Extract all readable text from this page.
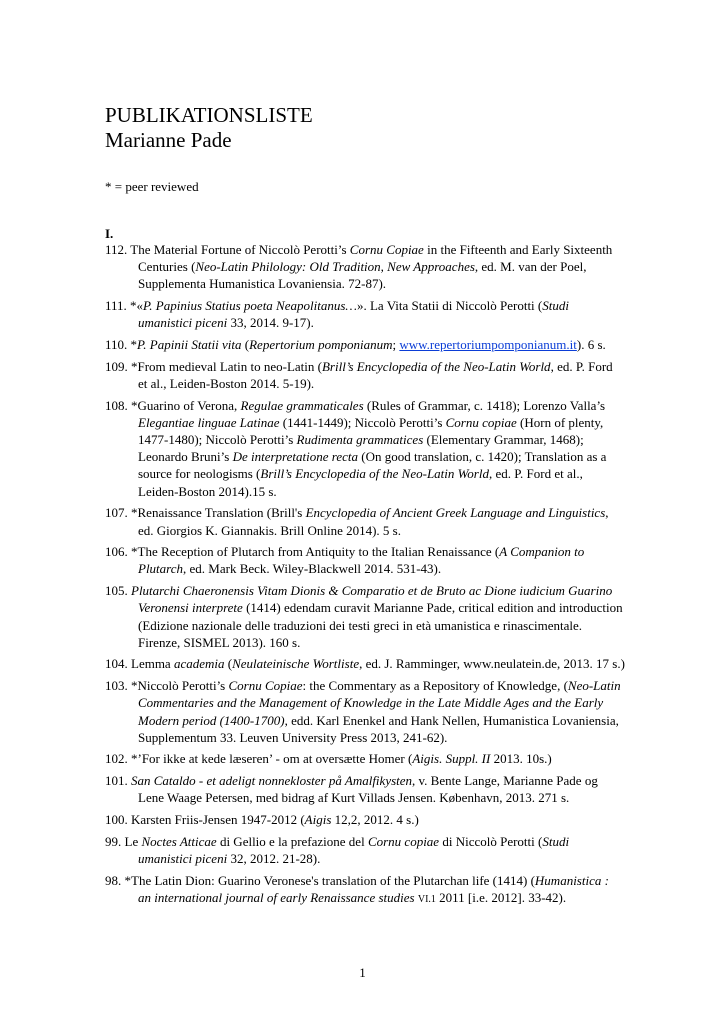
PUBLIKATIONSLISTE
Marianne Pade
* = peer reviewed
I.
112. The Material Fortune of Niccolò Perotti’s Cornu Copiae in the Fifteenth and Early Sixteenth Centuries (Neo-Latin Philology: Old Tradition, New Approaches, ed. M. van der Poel, Supplementa Humanistica Lovaniensia. 72-87).
111. *«P. Papinius Statius poeta Neapolitanus…». La Vita Statii di Niccolò Perotti (Studi umanistici piceni 33, 2014. 9-17).
110. *P. Papinii Statii vita (Repertorium pomponianum; www.repertoriumpomponianum.it). 6 s.
109. *From medieval Latin to neo-Latin (Brill’s Encyclopedia of the Neo-Latin World, ed. P. Ford et al., Leiden-Boston 2014. 5-19).
108. *Guarino of Verona, Regulae grammaticales (Rules of Grammar, c. 1418); Lorenzo Valla’s Elegantiae linguae Latinae (1441-1449); Niccolò Perotti’s Cornu copiae (Horn of plenty, 1477-1480); Niccolò Perotti’s Rudimenta grammatices (Elementary Grammar, 1468); Leonardo Bruni’s De interpretatione recta (On good translation, c. 1420); Translation as a source for neologisms (Brill’s Encyclopedia of the Neo-Latin World, ed. P. Ford et al., Leiden-Boston 2014).15 s.
107. *Renaissance Translation (Brill's Encyclopedia of Ancient Greek Language and Linguistics, ed. Giorgios K. Giannakis. Brill Online 2014). 5 s.
106. *The Reception of Plutarch from Antiquity to the Italian Renaissance (A Companion to Plutarch, ed. Mark Beck. Wiley-Blackwell 2014. 531-43).
105. Plutarchi Chaeronensis Vitam Dionis & Comparatio et de Bruto ac Dione iudicium Guarino Veronensi interprete (1414) edendam curavit Marianne Pade, critical edition and introduction (Edizione nazionale delle traduzioni dei testi greci in età umanistica e rinascimentale. Firenze, SISMEL 2013). 160 s.
104. Lemma academia (Neulateinische Wortliste, ed. J. Ramminger, www.neulatein.de, 2013. 17 s.)
103. *Niccolò Perotti’s Cornu Copiae: the Commentary as a Repository of Knowledge, (Neo-Latin Commentaries and the Management of Knowledge in the Late Middle Ages and the Early Modern period (1400-1700), edd. Karl Enenkel and Hank Nellen, Humanistica Lovaniensia, Supplementum 33. Leuven University Press 2013, 241-62).
102. *’For ikke at kede læseren’ - om at oversætte Homer (Aigis. Suppl. II 2013. 10s.)
101. San Cataldo - et adeligt nonnekloster på Amalfikysten, v. Bente Lange, Marianne Pade og Lene Waage Petersen, med bidrag af Kurt Villads Jensen. København, 2013. 271 s.
100. Karsten Friis-Jensen 1947-2012 (Aigis 12,2, 2012. 4 s.)
99. Le Noctes Atticae di Gellio e la prefazione del Cornu copiae di Niccolò Perotti (Studi umanistici piceni 32, 2012. 21-28).
98. *The Latin Dion: Guarino Veronese's translation of the Plutarchan life (1414) (Humanistica : an international journal of early Renaissance studies VI.1 2011 [i.e. 2012]. 33-42).
1
